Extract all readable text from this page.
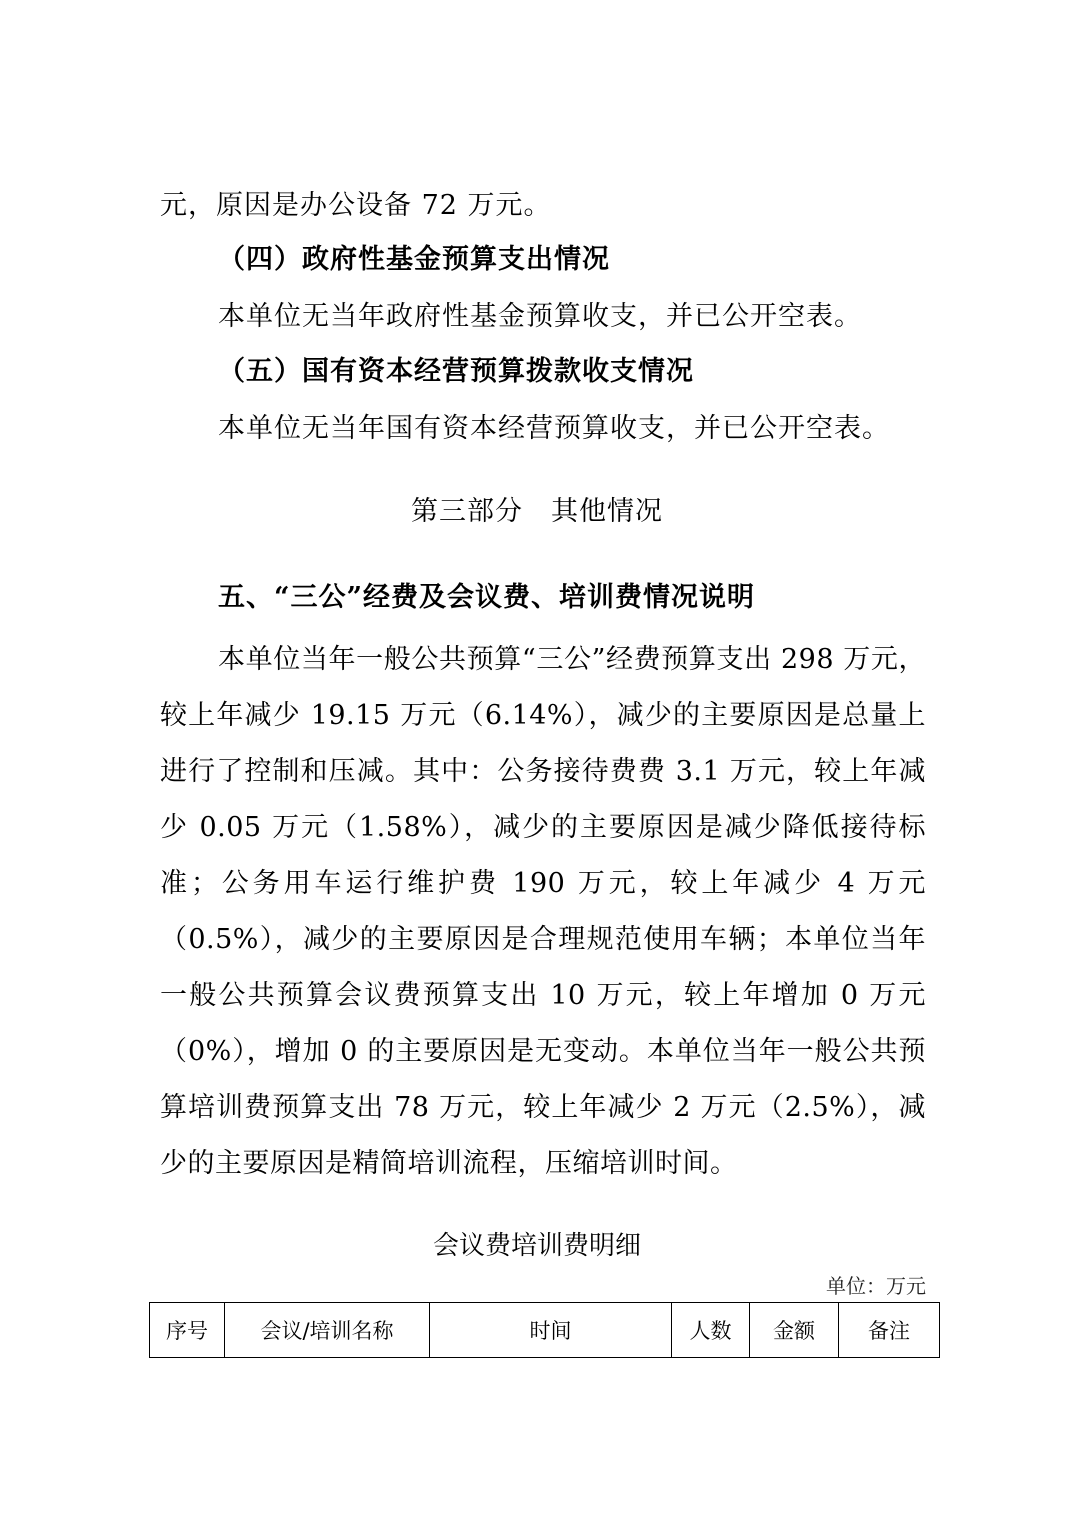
元，原因是办公设备 72 万元。
（四）政府性基金预算支出情况
本单位无当年政府性基金预算收支，并已公开空表。
（五）国有资本经营预算拨款收支情况
本单位无当年国有资本经营预算收支，并已公开空表。
第三部分　其他情况
五、“三公”经费及会议费、培训费情况说明
本单位当年一般公共预算“三公”经费预算支出 298 万元，较上年减少 19.15 万元（6.14%），减少的主要原因是总量上进行了控制和压减。其中：公务接待费费 3.1 万元，较上年减少 0.05 万元（1.58%），减少的主要原因是减少降低接待标准；公务用车运行维护费 190 万元，较上年减少 4 万元（0.5%），减少的主要原因是合理规范使用车辆；本单位当年一般公共预算会议费预算支出 10 万元，较上年增加 0 万元（0%），增加 0 的主要原因是无变动。本单位当年一般公共预算培训费预算支出 78 万元，较上年减少 2 万元（2.5%），减少的主要原因是精简培训流程，压缩培训时间。
会议费培训费明细
单位：万元
序号	会议/培训名称	时间	人数	金额	备注
